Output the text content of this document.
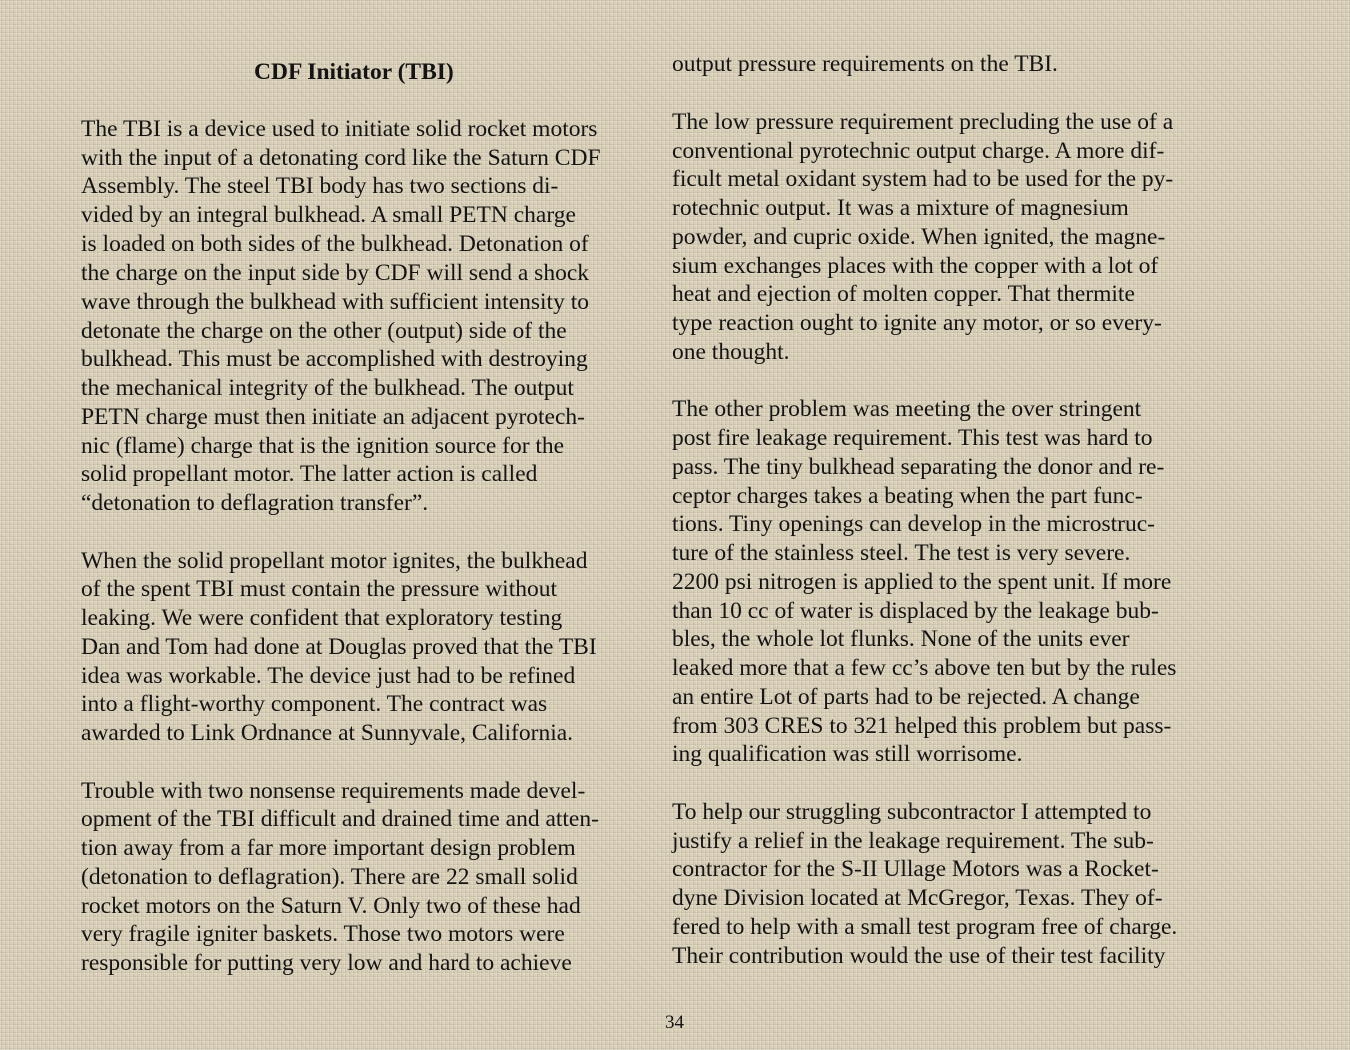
CDF Initiator (TBI)
The TBI is a device used to initiate solid rocket motors
with the input of a detonating cord like the Saturn CDF
Assembly. The steel TBI body has two sections di-
vided by an integral bulkhead. A small PETN charge
is loaded on both sides of the bulkhead. Detonation of
the charge on the input side by CDF will send a shock
wave through the bulkhead with sufficient intensity to
detonate the charge on the other (output) side of the
bulkhead. This must be accomplished with destroying
the mechanical integrity of the bulkhead. The output
PETN charge must then initiate an adjacent pyrotech-
nic (flame) charge that is the ignition source for the
solid propellant motor. The latter action is called
“detonation to deflagration transfer”.
When the solid propellant motor ignites, the bulkhead
of the spent TBI must contain the pressure without
leaking. We were confident that exploratory testing
Dan and Tom had done at Douglas proved that the TBI
idea was workable. The device just had to be refined
into a flight-worthy component. The contract was
awarded to Link Ordnance at Sunnyvale, California.
Trouble with two nonsense requirements made devel-
opment of the TBI difficult and drained time and atten-
tion away from a far more important design problem
(detonation to deflagration). There are 22 small solid
rocket motors on the Saturn V. Only two of these had
very fragile igniter baskets. Those two motors were
responsible for putting very low and hard to achieve
output pressure requirements on the TBI.
The low pressure requirement precluding the use of a
conventional pyrotechnic output charge. A more dif-
ficult metal oxidant system had to be used for the py-
rotechnic output. It was a mixture of magnesium
powder, and cupric oxide. When ignited, the magne-
sium exchanges places with the copper with a lot of
heat and ejection of molten copper. That thermite
type reaction ought to ignite any motor, or so every-
one thought.
The other problem was meeting the over stringent
post fire leakage requirement. This test was hard to
pass. The tiny bulkhead separating the donor and re-
ceptor charges takes a beating when the part func-
tions. Tiny openings can develop in the microstruc-
ture of the stainless steel. The test is very severe.
2200 psi nitrogen is applied to the spent unit. If more
than 10 cc of water is displaced by the leakage bub-
bles, the whole lot flunks. None of the units ever
leaked more that a few cc’s above ten but by the rules
an entire Lot of parts had to be rejected. A change
from 303 CRES to 321 helped this problem but pass-
ing qualification was still worrisome.
To help our struggling subcontractor I attempted to
justify a relief in the leakage requirement. The sub-
contractor for the S-II Ullage Motors was a Rocket-
dyne Division located at McGregor, Texas. They of-
fered to help with a small test program free of charge.
Their contribution would the use of their test facility
34
